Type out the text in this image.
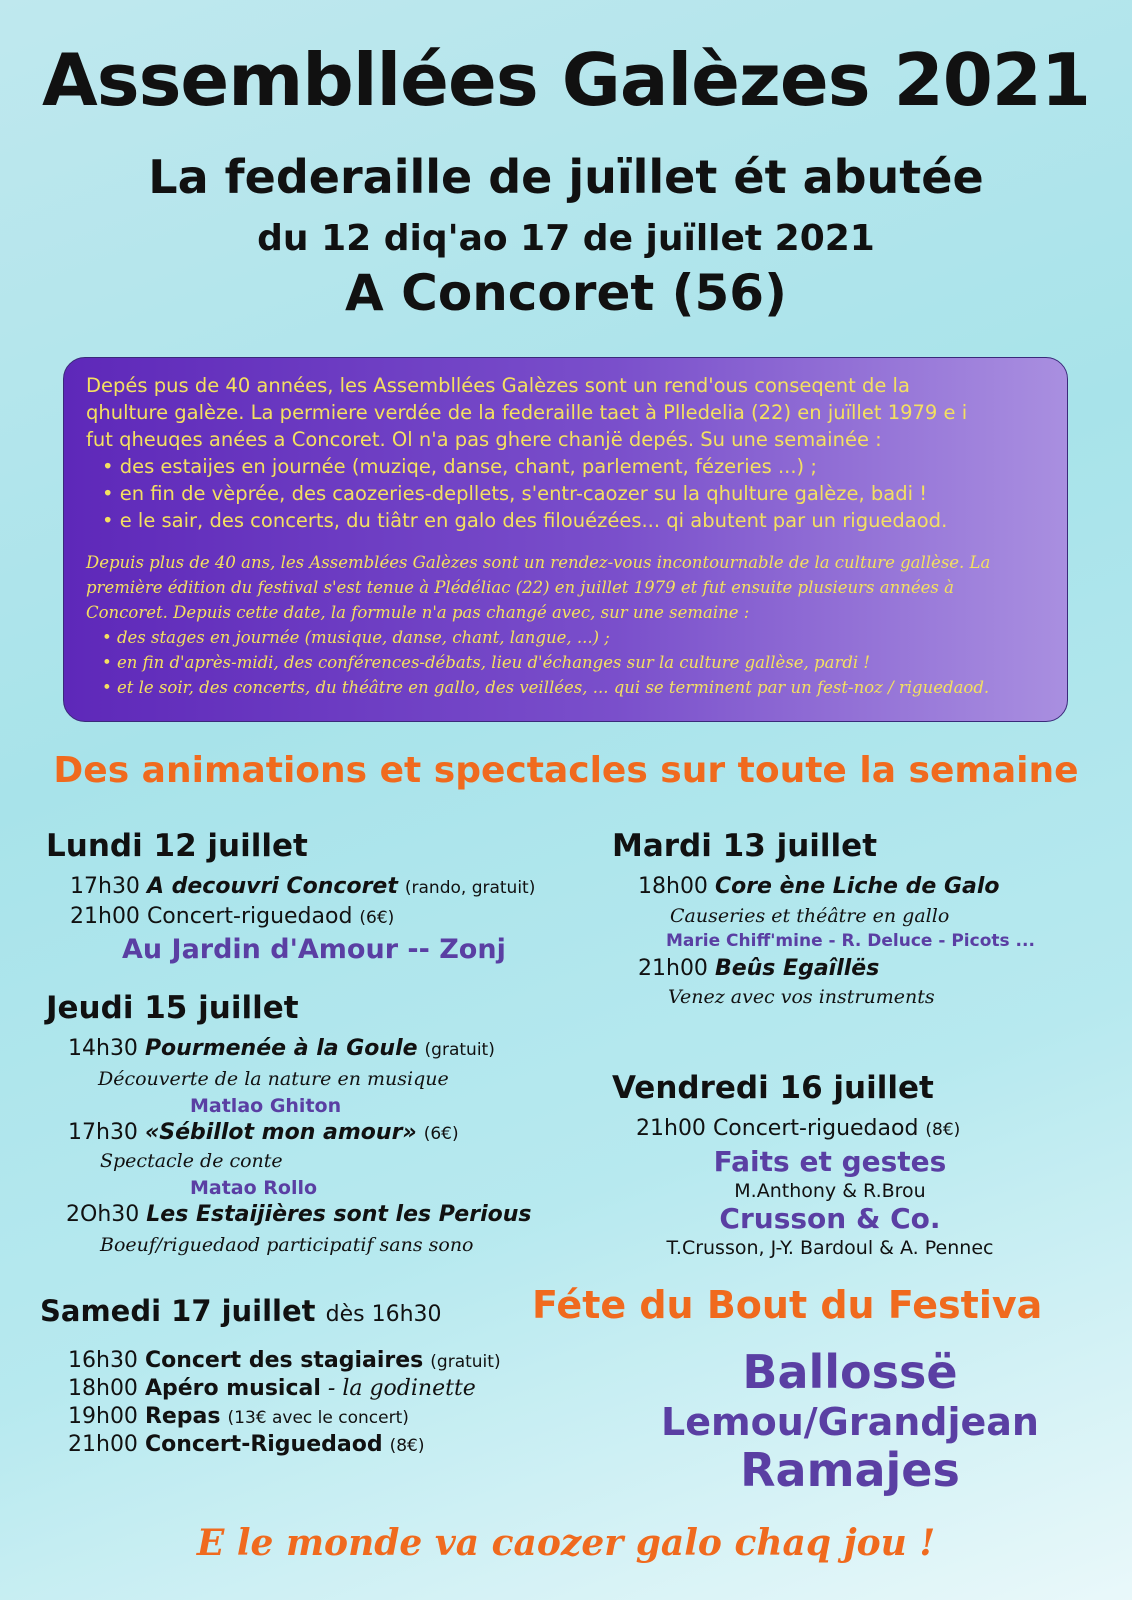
Assembllées Galèzes 2021
La federaille de juïllet ét abutée
du 12 diq'ao 17 de juïllet 2021
A Concoret (56)

Depés pus de 40 années, les Assembllées Galèzes sont un rend'ous conseqent de la

qhulture galèze. La permiere verdée de la federaille taet à Plledelia (22) en juïllet 1979 e i

fut qheuqes anées a Concoret. Ol n'a pas ghere chanjë depés. Su une semainée :

• des estaijes en journée (muziqe, danse, chant, parlement, fézeries ...) ;
• en fin de vèprée, des caozeries-depllets, s'entr-caozer su la qhulture galèze, badi !
• e le sair, des concerts, du tiâtr en galo des filouézées... qi abutent par un riguedaod.

Depuis plus de 40 ans, les Assemblées Galèzes sont un rendez-vous incontournable de la culture gallèse. La

première édition du festival s'est tenue à Plédéliac (22) en juillet 1979 et fut ensuite plusieurs années à

Concoret. Depuis cette date, la formule n'a pas changé avec, sur une semaine :

• des stages en journée (musique, danse, chant, langue, ...) ;
• en fin d'après-midi, des conférences-débats, lieu d'échanges sur la culture gallèse, pardi !
• et le soir, des concerts, du théâtre en gallo, des veillées, ... qui se terminent par un fest-noz / riguedaod.
Des animations et spectacles sur toute la semaine
Lundi 12 juillet
17h30 A decouvri Concoret (rando, gratuit)
21h00 Concert-riguedaod (6€)
Au Jardin d'Amour -- Zonj
Mardi 13 juillet
18h00 Core ène Liche de Galo
Causeries et théâtre en gallo
Marie Chiff'mine - R. Deluce - Picots ...
21h00 Beûs Egaîllës
Venez avec vos instruments
Jeudi 15 juillet
14h30 Pourmenée à la Goule (gratuit)
Découverte de la nature en musique
Matlao Ghiton
17h30 «Sébillot mon amour» (6€)
Spectacle de conte
Matao Rollo
2Oh30 Les Estaijières sont les Perious
Boeuf/riguedaod participatif sans sono
Vendredi 16 juillet
21h00 Concert-riguedaod (8€)
Faits et gestes
M.Anthony & R.Brou
Crusson & Co.
T.Crusson, J-Y. Bardoul & A. Pennec
Samedi 17 juillet dès 16h30
16h30 Concert des stagiaires (gratuit)
18h00 Apéro musical - la godinette
19h00 Repas (13€ avec le concert)
21h00 Concert-Riguedaod (8€)
Féte du Bout du Festiva
Ballossë
Lemou/Grandjean
Ramajes
E le monde va caozer galo chaq jou !
